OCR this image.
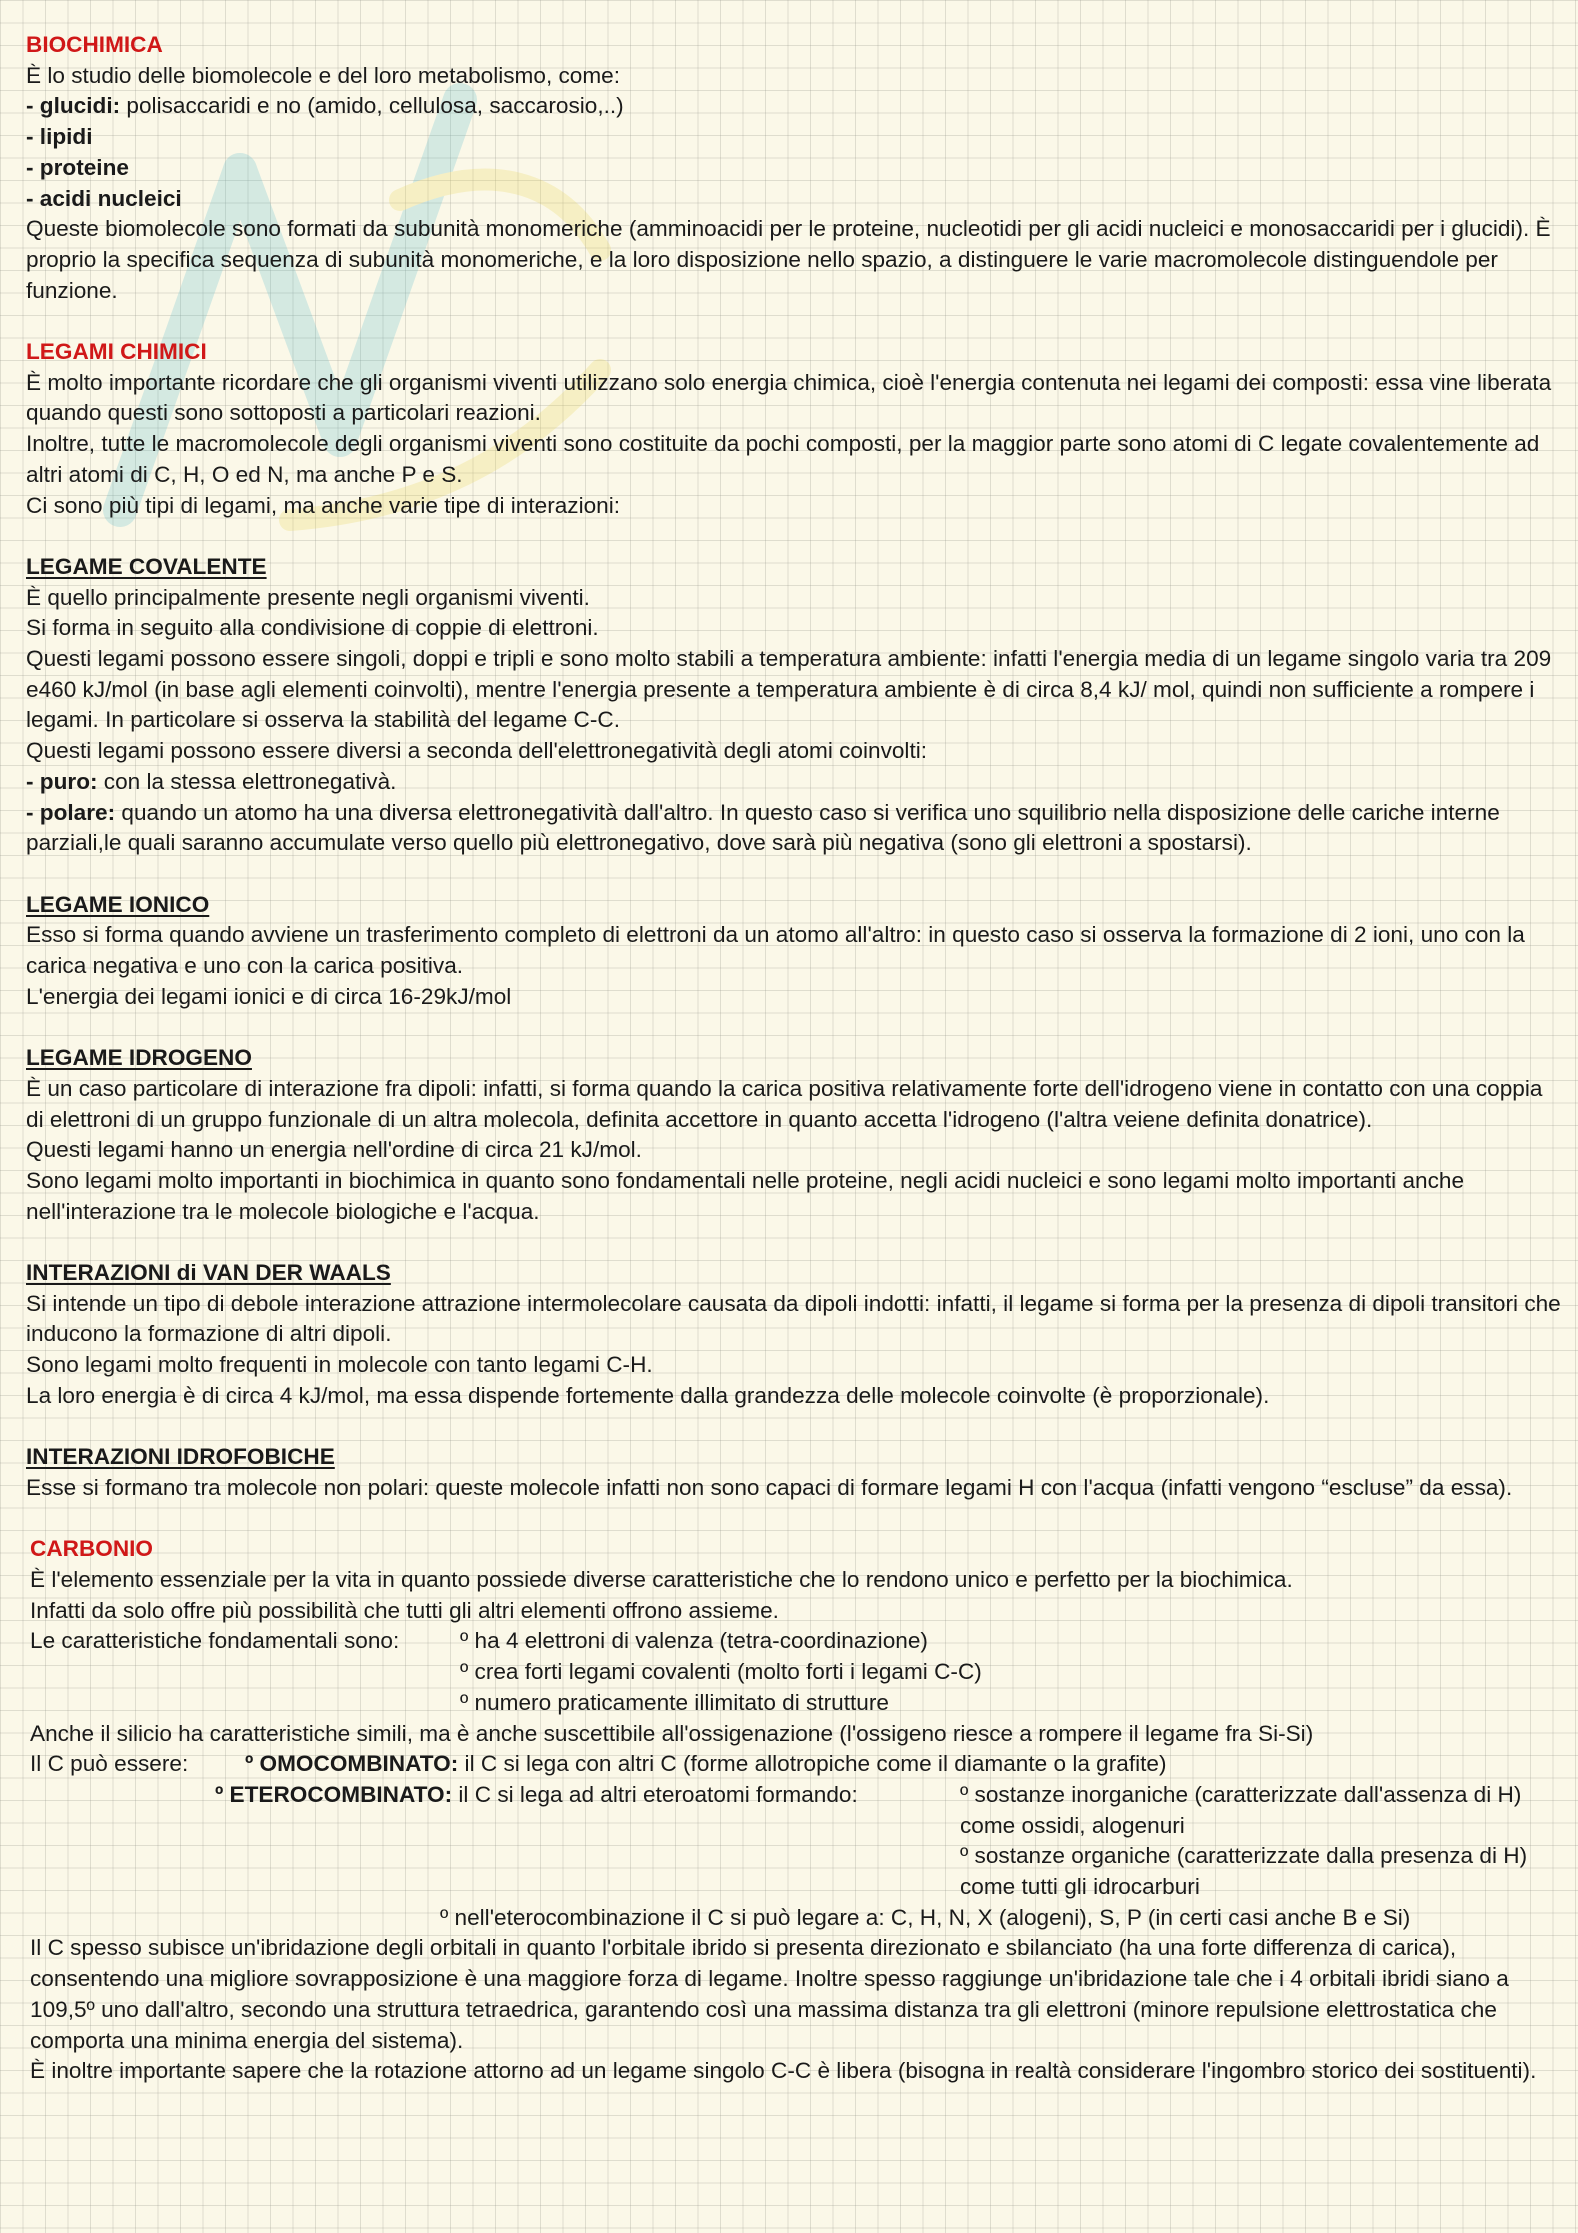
BIOCHIMICA
È lo studio delle biomolecole e del loro metabolismo, come:
- glucidi: polisaccaridi e no (amido, cellulosa, saccarosio,..)
- lipidi
- proteine
- acidi nucleici
Queste biomolecole sono formati da subunità monomeriche (amminoacidi per le proteine, nucleotidi per gli acidi nucleici e monosaccaridi per i glucidi). È proprio la specifica sequenza di subunità monomeriche, e la loro disposizione nello spazio, a distinguere le varie macromolecole distinguendole per funzione.
LEGAMI CHIMICI
È molto importante ricordare che gli organismi viventi utilizzano solo energia chimica, cioè l'energia contenuta nei legami dei composti: essa vine liberata quando questi sono sottoposti a particolari reazioni.
Inoltre, tutte le macromolecole degli organismi viventi sono costituite da pochi composti, per la maggior parte sono atomi di C legate covalentemente ad altri atomi di C, H, O ed N, ma anche P e S.
Ci sono più tipi di legami, ma anche varie tipe di interazioni:
LEGAME COVALENTE
È quello principalmente presente negli organismi viventi.
Si forma in seguito alla condivisione di coppie di elettroni.
Questi legami possono essere singoli, doppi e tripli e sono molto stabili a temperatura ambiente: infatti l'energia media di un legame singolo varia tra 209 e460 kJ/mol (in base agli elementi coinvolti), mentre l'energia presente a temperatura ambiente è di circa 8,4 kJ/ mol, quindi non sufficiente a rompere i legami. In particolare si osserva la stabilità del legame C-C.
Questi legami possono essere diversi a seconda dell'elettronegatività degli atomi coinvolti:
- puro: con la stessa elettronegativà.
- polare: quando un atomo ha una diversa elettronegatività dall'altro. In questo caso si verifica uno squilibrio nella disposizione delle cariche interne parziali,le quali saranno accumulate verso quello più elettronegativo, dove sarà più negativa (sono gli elettroni a spostarsi).
LEGAME IONICO
Esso si forma quando avviene un trasferimento completo di elettroni da un atomo all'altro: in questo caso si osserva la formazione di 2 ioni, uno con la carica negativa e uno con la carica positiva.
L'energia dei legami ionici e di circa 16-29kJ/mol
LEGAME IDROGENO
È un caso particolare di interazione fra dipoli: infatti, si forma quando la carica positiva relativamente forte dell'idrogeno viene in contatto con una coppia di elettroni di un gruppo funzionale di un altra molecola, definita accettore in quanto accetta l'idrogeno (l'altra veiene definita donatrice).
Questi legami hanno un energia nell'ordine di circa 21 kJ/mol.
Sono legami molto importanti in biochimica in quanto sono fondamentali nelle proteine, negli acidi nucleici e sono legami molto importanti anche nell'interazione tra le molecole biologiche e l'acqua.
INTERAZIONI di VAN DER WAALS
Si intende un tipo di debole interazione attrazione intermolecolare causata da dipoli indotti: infatti, il legame si forma per la presenza di dipoli transitori che inducono la formazione di altri dipoli.
Sono legami molto frequenti in molecole con tanto legami C-H.
La loro energia è di circa 4 kJ/mol, ma essa dispende fortemente dalla grandezza delle molecole coinvolte (è proporzionale).
INTERAZIONI IDROFOBICHE
Esse si formano tra molecole non polari: queste molecole infatti non sono capaci di formare legami H con l'acqua (infatti vengono “escluse” da essa).
CARBONIO
È l'elemento essenziale per la vita in quanto possiede diverse caratteristiche che lo rendono unico e perfetto per la biochimica.
Infatti da solo offre più possibilità che tutti gli altri elementi offrono assieme.
Le caratteristiche fondamentali sono:	º ha 4 elettroni di valenza (tetra-coordinazione)
º crea forti legami covalenti (molto forti i legami C-C)
º numero praticamente illimitato di strutture
Anche il silicio ha caratteristiche simili, ma è anche suscettibile all'ossigenazione (l'ossigeno riesce a rompere il legame fra Si-Si)
Il C può essere:	º OMOCOMBINATO: il C si lega con altri C (forme allotropiche come il diamante o la grafite)
º ETEROCOMBINATO: il C si lega ad altri eteroatomi formando:	º sostanze inorganiche (caratterizzate dall'assenza di H) come ossidi, alogenuri
º sostanze organiche (caratterizzate dalla presenza di H) come tutti gli idrocarburi
º nell'eterocombinazione il C si può legare a: C, H, N, X (alogeni), S, P (in certi casi anche B e Si)
Il C spesso subisce un'ibridazione degli orbitali in quanto l'orbitale ibrido si presenta direzionato e sbilanciato (ha una forte differenza di carica), consentendo una migliore sovrapposizione è una maggiore forza di legame. Inoltre spesso raggiunge un'ibridazione tale che i 4 orbitali ibridi siano a 109,5º uno dall'altro, secondo una struttura tetraedrica, garantendo così una massima distanza tra gli elettroni (minore repulsione elettrostatica che comporta una minima energia del sistema).
È inoltre importante sapere che la rotazione attorno ad un legame singolo C-C è libera (bisogna in realtà considerare l'ingombro storico dei sostituenti).
